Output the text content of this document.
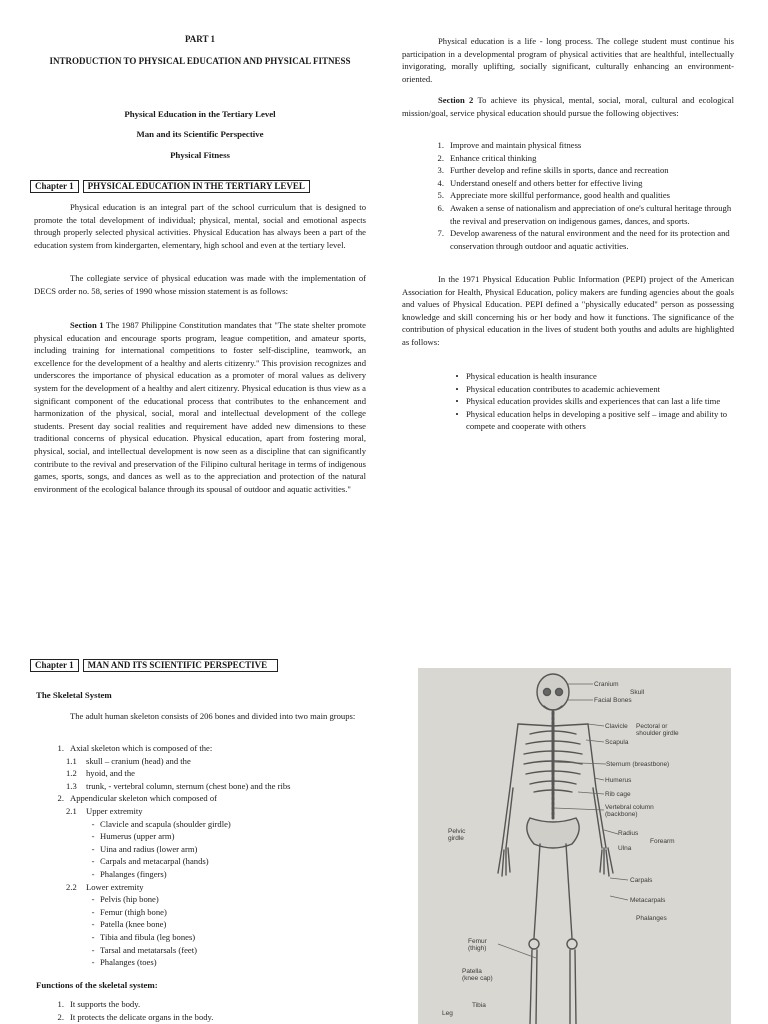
PART 1
INTRODUCTION TO PHYSICAL EDUCATION AND PHYSICAL FITNESS
Physical Education in the Tertiary Level
Man and its Scientific Perspective
Physical Fitness
Chapter 1	PHYSICAL EDUCATION IN THE TERTIARY LEVEL

Physical education is an integral part of the school curriculum that is designed to promote the total development of individual; physical, mental, social and emotional aspects through properly selected physical activities. Physical Education has always been a part of the education system from kindergarten, elementary, high school and even at the tertiary level.

The collegiate service of physical education was made with the implementation of DECS order no. 58, series of 1990 whose mission statement is as follows:

Section 1 The 1987 Philippine Constitution mandates that "The state shelter promote physical education and encourage sports program, league competition, and amateur sports, including training for international competitions to foster self-discipline, teamwork, an excellence for the development of a healthy and alerts citizenry." This provision recognizes and underscores the importance of physical education as a promoter of moral values as delivery system for the development of a healthy and alert citizenry. Physical education is thus view as a significant component of the educational process that contributes to the enhancement and harmonization of the physical, social, moral and intellectual development of the college students. Present day social realities and requirement have added new dimensions to these traditional concerns of physical education. Physical education, apart from fostering moral, physical, social, and intellectual development is now seen as a discipline that can significantly contribute to the revival and preservation of the Filipino cultural heritage in terms of indigenous games, sports, songs, and dances as well as to the appreciation and protection of the natural environment of the ecological balance through its spousal of outdoor and aquatic activities."

Physical education is a life - long process. The college student must continue his participation in a developmental program of physical activities that are healthful, intellectually invigorating, morally uplifting, socially significant, culturally enhancing an environment-oriented.

Section 2 To achieve its physical, mental, social, moral, cultural and ecological mission/goal, service physical education should pursue the following objectives:

1. Improve and maintain physical fitness
2. Enhance critical thinking
3. Further develop and refine skills in sports, dance and recreation
4. Understand oneself and others better for effective living
5. Appreciate more skillful performance, good health and qualities
6. Awaken a sense of nationalism and appreciation of one's cultural heritage through the revival and preservation on indigenous games, dances, and sports.
7. Develop awareness of the natural environment and the need for its protection and conservation through outdoor and aquatic activities.

In the 1971 Physical Education Public Information (PEPI) project of the American Association for Health, Physical Education, policy makers are funding agencies about the goals and values of Physical Education. PEPI defined a "physically educated" person as possessing knowledge and skill concerning his or her body and how it functions. The significance of the contribution of physical education in the lives of student both youths and adults are highlighted as follows:

• Physical education is health insurance
• Physical education contributes to academic achievement
• Physical education provides skills and experiences that can last a life time
• Physical education helps in developing a positive self – image and ability to compete and cooperate with others
Chapter 1	MAN AND ITS SCIENTIFIC PERSPECTIVE
The Skeletal System

The adult human skeleton consists of 206 bones and divided into two main groups:

1. Axial skeleton which is composed of the:
1.1	skull – cranium (head) and the
1.2	hyoid, and the
1.3	trunk, - vertebral column, sternum (chest bone) and the ribs
2. Appendicular skeleton which composed of
2.1	Upper extremity
- Clavicle and scapula (shoulder girdle)
- Humerus (upper arm)
- Uina and radius (lower arm)
- Carpals and metacarpal (hands)
- Phalanges (fingers)
2.2	Lower extremity
- Pelvis (hip bone)
- Femur (thigh bone)
- Patella (knee bone)
- Tibia and fibula (leg bones)
- Tarsal and metatarsals (feet)
- Phalanges (toes)
Functions of the skeletal system:
1. It supports the body.
2. It protects the delicate organs in the body.
Cranium
Facial Bones
Skull
Clavicle
Scapula
Pectoral or shoulder girdle
Sternum (breastbone)
Humerus
Rib cage
Vertebral column (backbone)
Radius
Ulna
Forearm
Pelvic girdle
Carpals
Metacarpals
Phalanges
Femur (thigh)
Patella (knee cap)
Tibia
Leg
